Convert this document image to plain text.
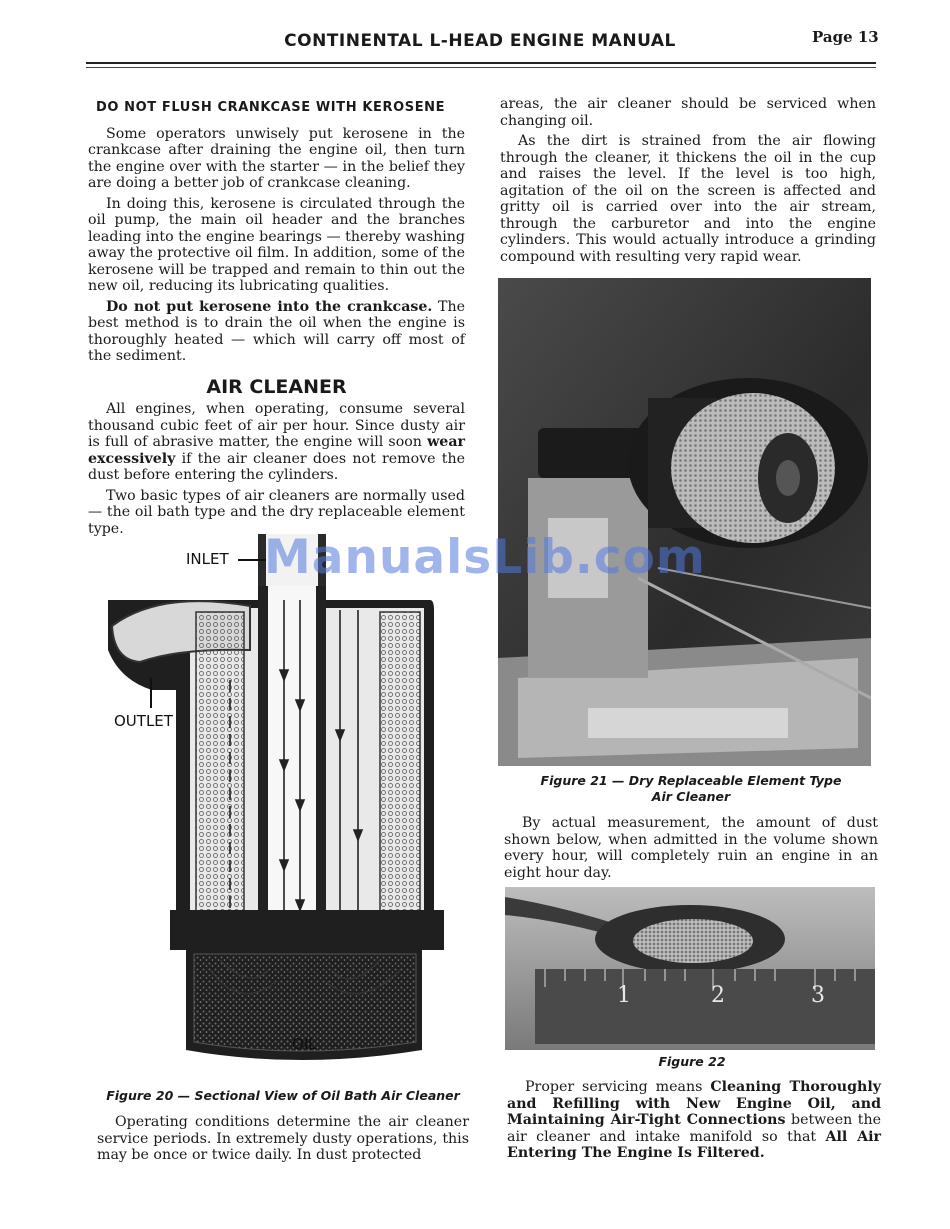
CONTINENTAL L-HEAD ENGINE MANUAL	Page 13
DO NOT FLUSH CRANKCASE WITH KEROSENE

Some operators unwisely put kerosene in the crankcase after draining the engine oil, then turn the engine over with the starter — in the belief they are doing a better job of crankcase cleaning.

In doing this, kerosene is circulated through the oil pump, the main oil header and the branches leading into the engine bearings — thereby washing away the protective oil film. In addition, some of the kerosene will be trapped and remain to thin out the new oil, reducing its lubricating qualities.

Do not put kerosene into the crankcase. The best method is to drain the oil when the engine is thoroughly heated — which will carry off most of the sediment.

AIR CLEANER

All engines, when operating, consume several thousand cubic feet of air per hour. Since dusty air is full of abrasive matter, the engine will soon wear excessively if the air cleaner does not remove the dust before entering the cylinders.

Two basic types of air cleaners are normally used — the oil bath type and the dry replaceable element type.

INLET
OUTLET
OIL
Figure 20 — Sectional View of Oil Bath Air Cleaner

Operating conditions determine the air cleaner service periods. In extremely dusty operations, this may be once or twice daily. In dust protected

areas, the air cleaner should be serviced when changing oil.

As the dirt is strained from the air flowing through the cleaner, it thickens the oil in the cup and raises the level. If the level is too high, agitation of the oil on the screen is affected and gritty oil is carried over into the air stream, through the carburetor and into the engine cylinders. This would actually introduce a grinding compound with resulting very rapid wear.

Figure 21 — Dry Replaceable Element Type
Air Cleaner

By actual measurement, the amount of dust shown below, when admitted in the volume shown every hour, will completely ruin an engine in an eight hour day.

1	2	3
Figure 22

Proper servicing means Cleaning Thoroughly and Refilling with New Engine Oil, and Maintaining Air-Tight Connections between the air cleaner and intake manifold so that All Air Entering The Engine Is Filtered.

ManualsLib.com
